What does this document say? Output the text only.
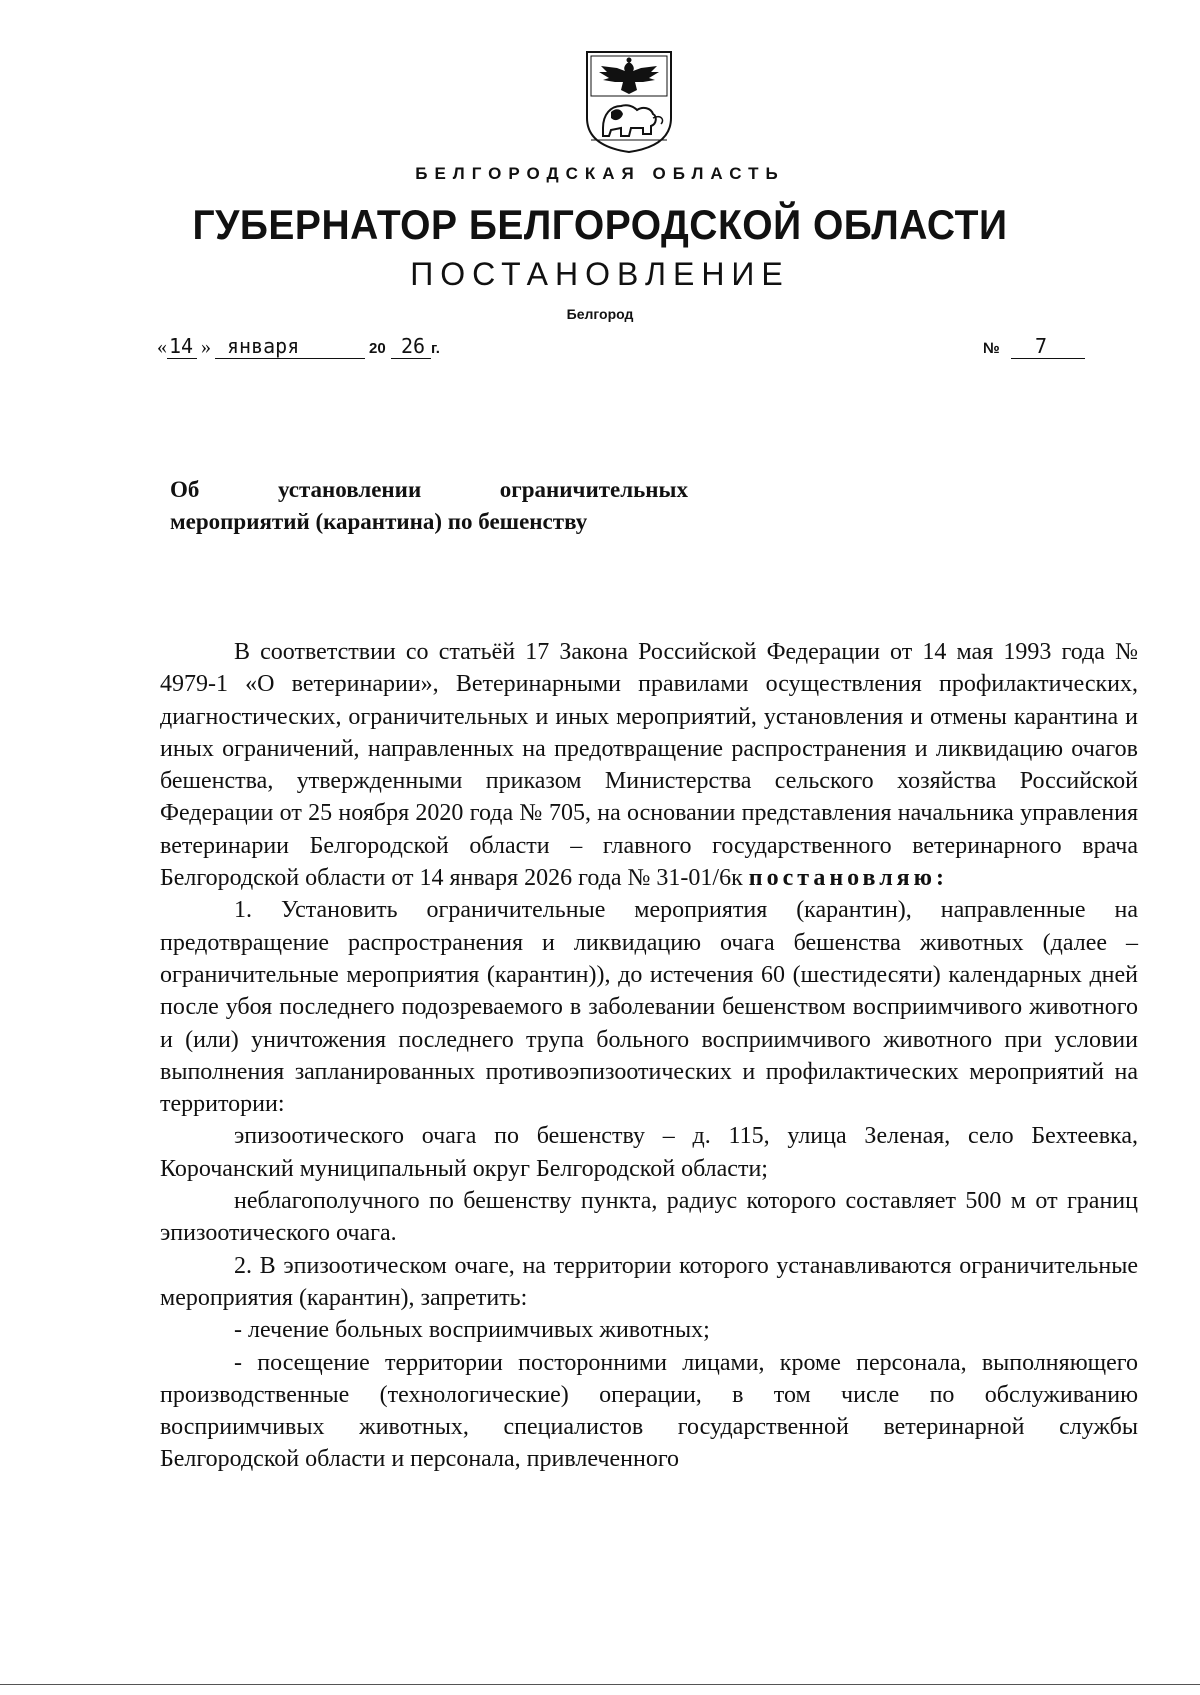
БЕЛГОРОДСКАЯ ОБЛАСТЬ
ГУБЕРНАТОР БЕЛГОРОДСКОЙ ОБЛАСТИ
ПОСТАНОВЛЕНИЕ
Белгород
« 14 » января	20 26 г.	№ 7
Об установлении ограничительных
мероприятий (карантина) по бешенству

В соответствии со статьёй 17 Закона Российской Федерации от 14 мая 1993 года № 4979-1 «О ветеринарии», Ветеринарными правилами осуществления профилактических, диагностических, ограничительных и иных мероприятий, установления и отмены карантина и иных ограничений, направленных на предотвращение распространения и ликвидацию очагов бешенства, утвержденными приказом Министерства сельского хозяйства Российской Федерации от 25 ноября 2020 года № 705, на основании представления начальника управления ветеринарии Белгородской области – главного государственного ветеринарного врача Белгородской области от 14 января 2026 года № 31-01/6к постановляю:

1. Установить ограничительные мероприятия (карантин), направленные на предотвращение распространения и ликвидацию очага бешенства животных (далее – ограничительные мероприятия (карантин)), до истечения 60 (шестидесяти) календарных дней после убоя последнего подозреваемого в заболевании бешенством восприимчивого животного и (или) уничтожения последнего трупа больного восприимчивого животного при условии выполнения запланированных противоэпизоотических и профилактических мероприятий на территории:

эпизоотического очага по бешенству – д. 115, улица Зеленая, село Бехтеевка, Корочанский муниципальный округ Белгородской области;

неблагополучного по бешенству пункта, радиус которого составляет 500 м от границ эпизоотического очага.

2. В эпизоотическом очаге, на территории которого устанавливаются ограничительные мероприятия (карантин), запретить:

- лечение больных восприимчивых животных;

- посещение территории посторонними лицами, кроме персонала, выполняющего производственные (технологические) операции, в том числе по обслуживанию восприимчивых животных, специалистов государственной ветеринарной службы Белгородской области и персонала, привлеченного
